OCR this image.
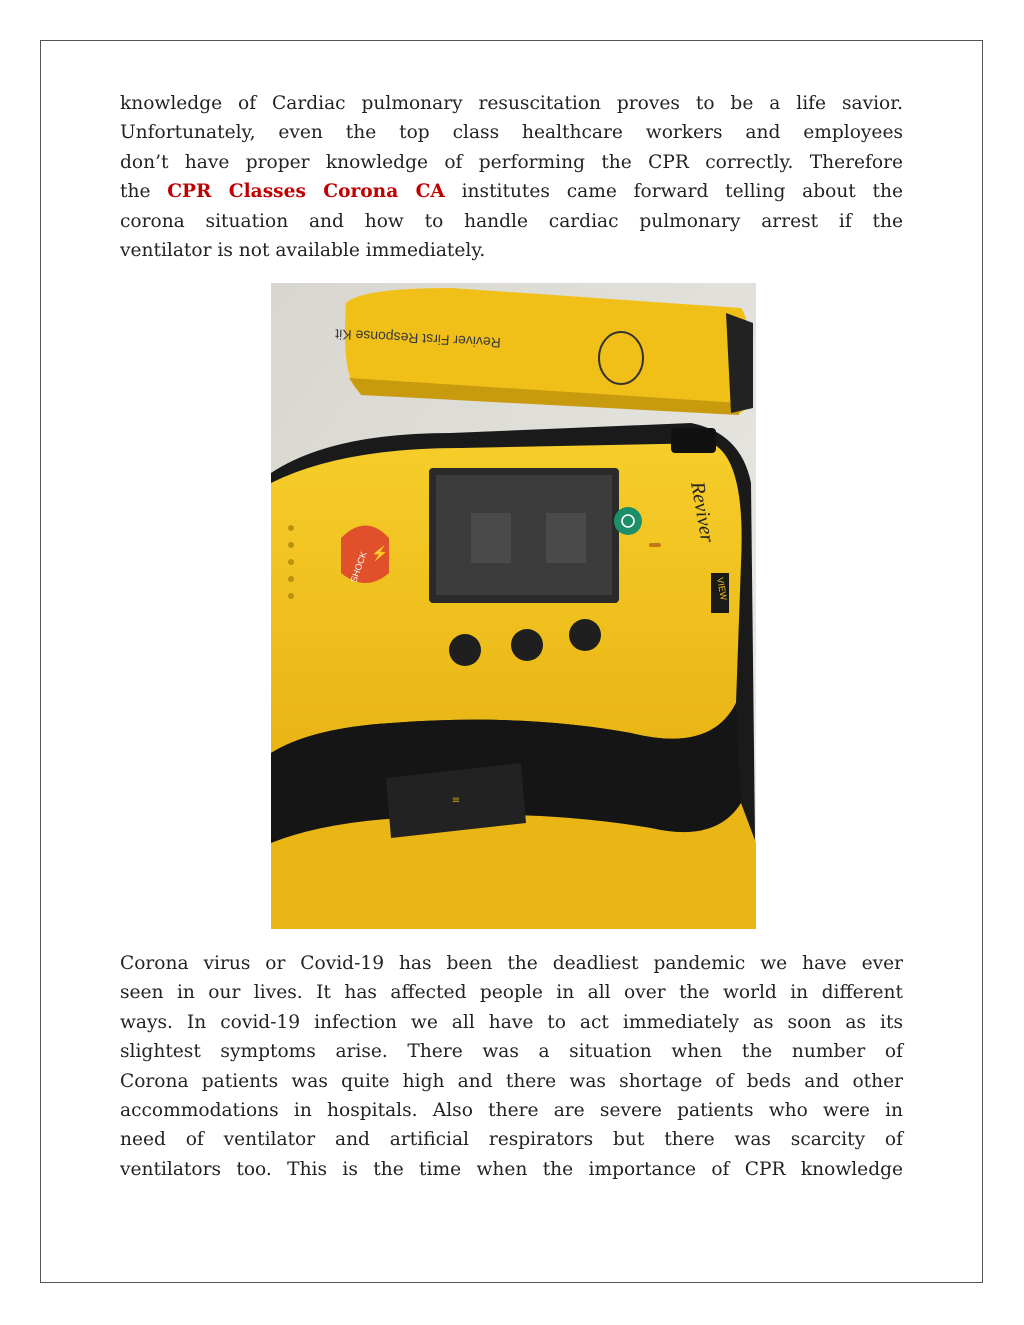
knowledge of Cardiac pulmonary resuscitation proves to be a life savior.
Unfortunately, even the top class healthcare workers and employees
don’t have proper knowledge of performing the CPR correctly. Therefore
the CPR Classes Corona CA institutes came forward telling about the
corona situation and how to handle cardiac pulmonary arrest if the
ventilator is not available immediately.
Reviver First Response Kit
≡
SHOCK ⚡
Reviver
VIEW
Corona virus or Covid-19 has been the deadliest pandemic we have ever
seen in our lives. It has affected people in all over the world in different
ways. In covid-19 infection we all have to act immediately as soon as its
slightest symptoms arise. There was a situation when the number of
Corona patients was quite high and there was shortage of beds and other
accommodations in hospitals. Also there are severe patients who were in
need of ventilator and artificial respirators but there was scarcity of
ventilators too. This is the time when the importance of CPR knowledge
